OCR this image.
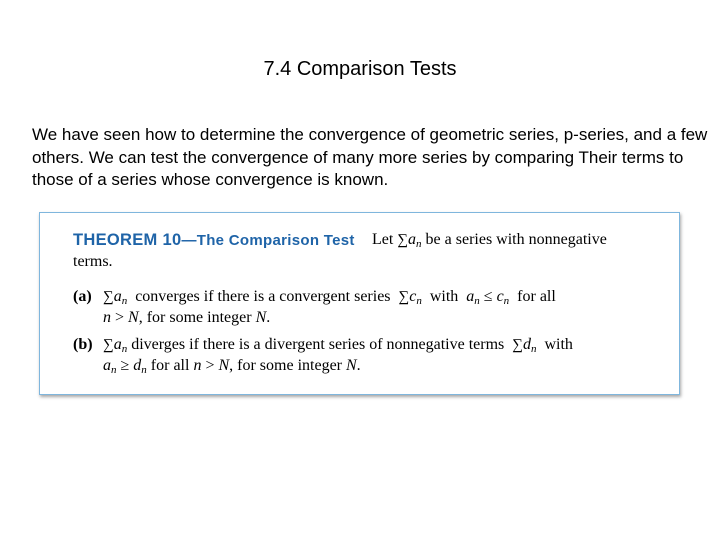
7.4 Comparison Tests

We have seen how to determine the convergence of geometric series, p-series, and a few others. We can test the convergence of many more series by comparing Their terms to those of a series whose convergence is known.

THEOREM 10—The Comparison Test Let $\sum a_n$ be a series with nonnegative
terms.
(a) $\sum a_n$ converges if there is a convergent series $\sum c_n$ with $a_n \le c_n$ for all
n > N, for some integer N.
(b) $\sum a_n$ diverges if there is a divergent series of nonnegative terms $\sum d_n$ with
$a_n \ge d_n$ for all n > N, for some integer N.
